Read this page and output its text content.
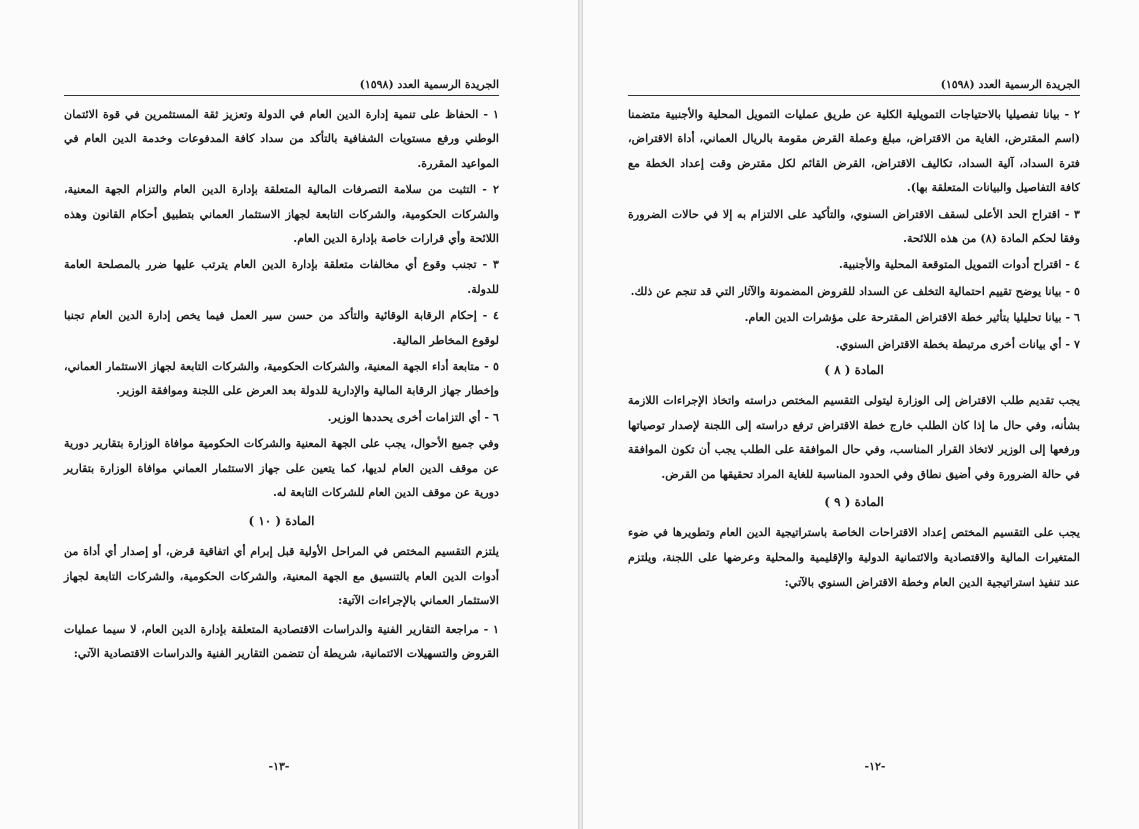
الجريدة الرسمية العدد (١٥٩٨)

١ - الحفاظ على تنمية إدارة الدين العام في الدولة وتعزيز ثقة المستثمرين في قوة الائتمان الوطني ورفع مستويات الشفافية بالتأكد من سداد كافة المدفوعات وخدمة الدين العام في المواعيد المقررة.

٢ - التثبت من سلامة التصرفات المالية المتعلقة بإدارة الدين العام والتزام الجهة المعنية، والشركات الحكومية، والشركات التابعة لجهاز الاستثمار العماني بتطبيق أحكام القانون وهذه اللائحة وأي قرارات خاصة بإدارة الدين العام.

٣ - تجنب وقوع أي مخالفات متعلقة بإدارة الدين العام يترتب عليها ضرر بالمصلحة العامة للدولة.

٤ - إحكام الرقابة الوقائية والتأكد من حسن سير العمل فيما يخص إدارة الدين العام تجنبا لوقوع المخاطر المالية.

٥ - متابعة أداء الجهة المعنية، والشركات الحكومية، والشركات التابعة لجهاز الاستثمار العماني، وإخطار جهاز الرقابة المالية والإدارية للدولة بعد العرض على اللجنة وموافقة الوزير.

٦ - أي التزامات أخرى يحددها الوزير.

وفي جميع الأحوال، يجب على الجهة المعنية والشركات الحكومية موافاة الوزارة بتقارير دورية عن موقف الدين العام لديها، كما يتعين على جهاز الاستثمار العماني موافاة الوزارة بتقارير دورية عن موقف الدين العام للشركات التابعة له.

المادة ( ١٠ )

يلتزم التقسيم المختص في المراحل الأولية قبل إبرام أي اتفاقية قرض، أو إصدار أي أداة من أدوات الدين العام بالتنسيق مع الجهة المعنية، والشركات الحكومية، والشركات التابعة لجهاز الاستثمار العماني بالإجراءات الآتية:

١ - مراجعة التقارير الفنية والدراسات الاقتصادية المتعلقة بإدارة الدين العام، لا سيما عمليات القروض والتسهيلات الائتمانية، شريطة أن تتضمن التقارير الفنية والدراسات الاقتصادية الآتي:

-١٣-
الجريدة الرسمية العدد (١٥٩٨)

٢ - بيانا تفصيليا بالاحتياجات التمويلية الكلية عن طريق عمليات التمويل المحلية والأجنبية متضمنا (اسم المقترض، الغاية من الاقتراض، مبلغ وعملة القرض مقومة بالريال العماني، أداة الاقتراض، فترة السداد، آلية السداد، تكاليف الاقتراض، القرض القائم لكل مقترض وقت إعداد الخطة مع كافة التفاصيل والبيانات المتعلقة بها).

٣ - اقتراح الحد الأعلى لسقف الاقتراض السنوي، والتأكيد على الالتزام به إلا في حالات الضرورة وفقا لحكم المادة (٨) من هذه اللائحة.

٤ - اقتراح أدوات التمويل المتوقعة المحلية والأجنبية.

٥ - بيانا يوضح تقييم احتمالية التخلف عن السداد للقروض المضمونة والآثار التي قد تنجم عن ذلك.

٦ - بيانا تحليليا بتأثير خطة الاقتراض المقترحة على مؤشرات الدين العام.

٧ - أي بيانات أخرى مرتبطة بخطة الاقتراض السنوي.

المادة ( ٨ )

يجب تقديم طلب الاقتراض إلى الوزارة ليتولى التقسيم المختص دراسته واتخاذ الإجراءات اللازمة بشأنه، وفي حال ما إذا كان الطلب خارج خطة الاقتراض ترفع دراسته إلى اللجنة لإصدار توصياتها ورفعها إلى الوزير لاتخاذ القرار المناسب، وفي حال الموافقة على الطلب يجب أن تكون الموافقة في حالة الضرورة وفي أضيق نطاق وفي الحدود المناسبة للغاية المراد تحقيقها من القرض.

المادة ( ٩ )

يجب على التقسيم المختص إعداد الاقتراحات الخاصة باستراتيجية الدين العام وتطويرها في ضوء المتغيرات المالية والاقتصادية والائتمانية الدولية والإقليمية والمحلية وعرضها على اللجنة، ويلتزم عند تنفيذ استراتيجية الدين العام وخطة الاقتراض السنوي بالآتي:

-١٢-
